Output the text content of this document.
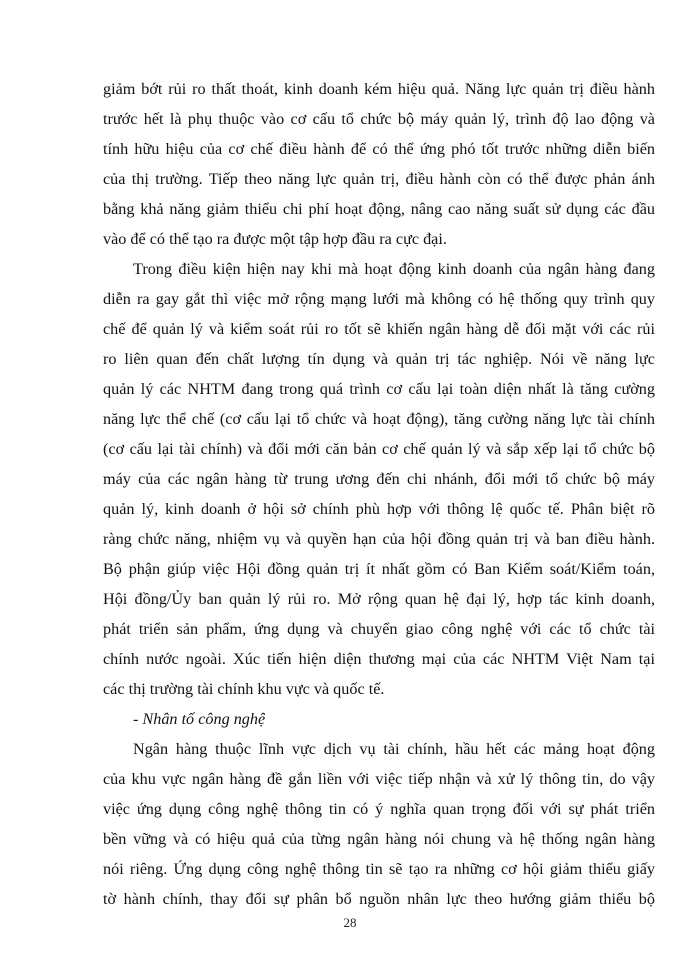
giảm bớt rủi ro thất thoát, kinh doanh kém hiệu quả. Năng lực quản trị điều hành
trước hết là phụ thuộc vào cơ cấu tổ chức bộ máy quản lý, trình độ lao động và
tính hữu hiệu của cơ chế điều hành để có thể ứng phó tốt trước những diễn biến
của thị trường. Tiếp theo năng lực quản trị, điều hành còn có thể được phản ánh
bằng khả năng giảm thiểu chi phí hoạt động, nâng cao năng suất sử dụng các đầu
vào để có thể tạo ra được một tập hợp đầu ra cực đại.
Trong điều kiện hiện nay khi mà hoạt động kinh doanh của ngân hàng đang
diễn ra gay gắt thì việc mở rộng mạng lưới mà không có hệ thống quy trình quy
chế để quản lý và kiểm soát rủi ro tốt sẽ khiến ngân hàng dễ đối mặt với các rủi
ro liên quan đến chất lượng tín dụng và quản trị tác nghiệp. Nói về năng lực
quản lý các NHTM đang trong quá trình cơ cấu lại toàn diện nhất là tăng cường
năng lực thể chế (cơ cấu lại tổ chức và hoạt động), tăng cường năng lực tài chính
(cơ cấu lại tài chính) và đổi mới căn bản cơ chế quản lý và sắp xếp lại tổ chức bộ
máy của các ngân hàng từ trung ương đến chi nhánh, đổi mới tổ chức bộ máy
quản lý, kinh doanh ở hội sở chính phù hợp với thông lệ quốc tế. Phân biệt rõ
ràng chức năng, nhiệm vụ và quyền hạn của hội đồng quản trị và ban điều hành.
Bộ phận giúp việc Hội đồng quản trị ít nhất gồm có Ban Kiểm soát/Kiểm toán,
Hội đồng/Ủy ban quản lý rủi ro. Mở rộng quan hệ đại lý, hợp tác kinh doanh,
phát triển sản phẩm, ứng dụng và chuyển giao công nghệ với các tổ chức tài
chính nước ngoài. Xúc tiến hiện diện thương mại của các NHTM Việt Nam tại
các thị trường tài chính khu vực và quốc tế.
- Nhân tố công nghệ
Ngân hàng thuộc lĩnh vực dịch vụ tài chính, hầu hết các mảng hoạt động
của khu vực ngân hàng đề gắn liền với việc tiếp nhận và xử lý thông tin, do vậy
việc ứng dụng công nghệ thông tin có ý nghĩa quan trọng đối với sự phát triển
bền vững và có hiệu quả của từng ngân hàng nói chung và hệ thống ngân hàng
nói riêng. Ứng dụng công nghệ thông tin sẽ tạo ra những cơ hội giảm thiểu giấy
tờ hành chính, thay đổi sự phân bổ nguồn nhân lực theo hướng giảm thiểu bộ
28
